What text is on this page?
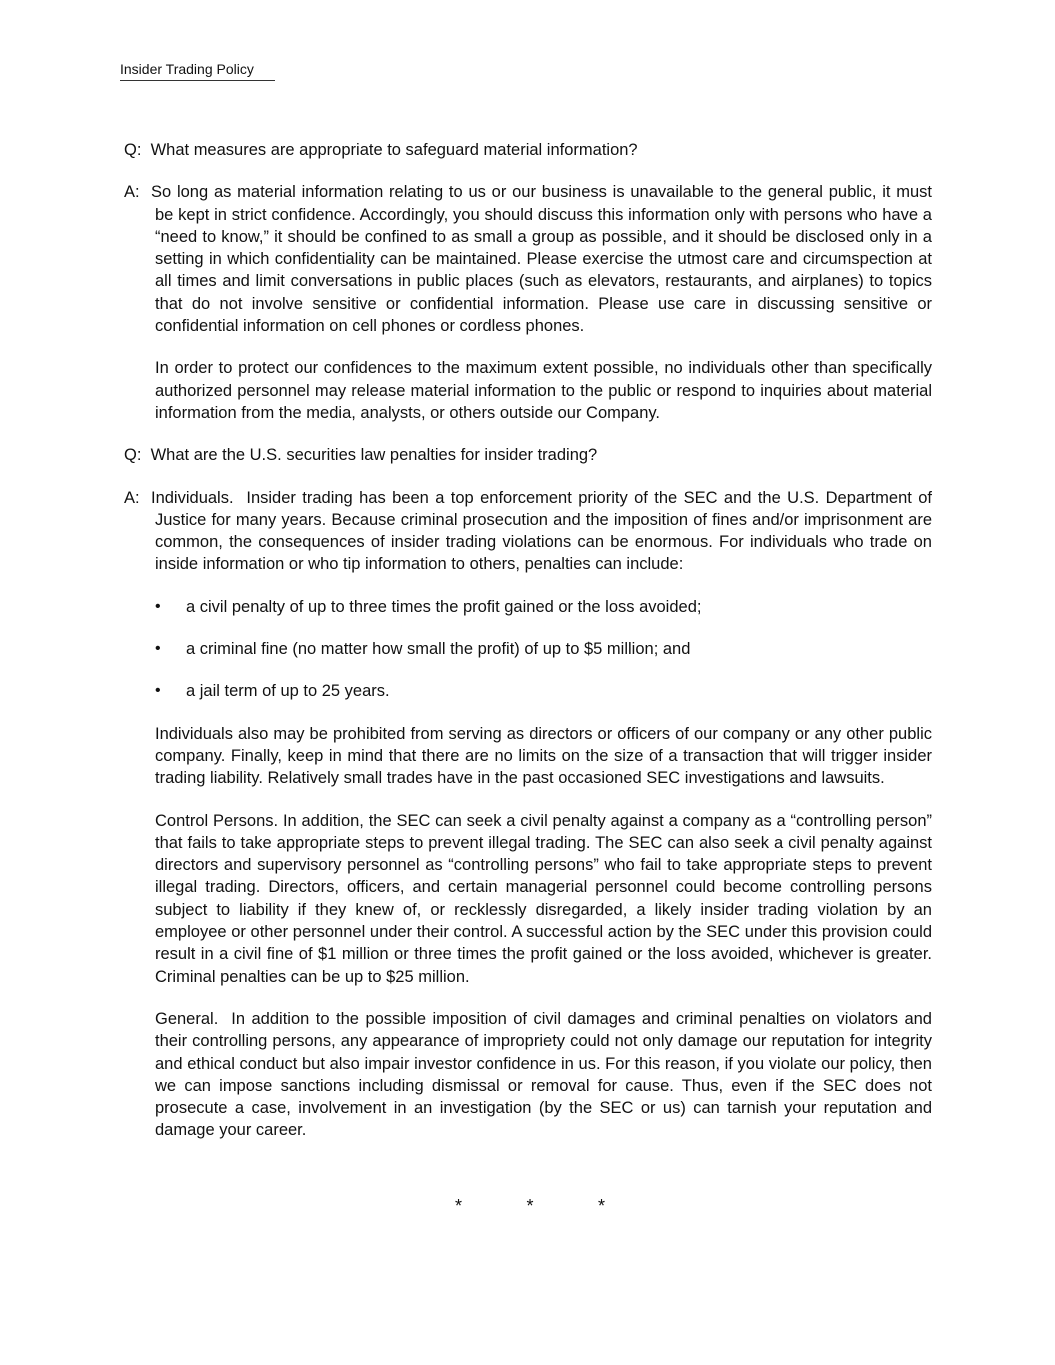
Insider Trading Policy

Q: What measures are appropriate to safeguard material information?

A: So long as material information relating to us or our business is unavailable to the general public, it must be kept in strict confidence. Accordingly, you should discuss this information only with persons who have a “need to know,” it should be confined to as small a group as possible, and it should be disclosed only in a setting in which confidentiality can be maintained. Please exercise the utmost care and circumspection at all times and limit conversations in public places (such as elevators, restaurants, and airplanes) to topics that do not involve sensitive or confidential information. Please use care in discussing sensitive or confidential information on cell phones or cordless phones.

In order to protect our confidences to the maximum extent possible, no individuals other than specifically authorized personnel may release material information to the public or respond to inquiries about material information from the media, analysts, or others outside our Company.

Q: What are the U.S. securities law penalties for insider trading?

A: Individuals. Insider trading has been a top enforcement priority of the SEC and the U.S. Department of Justice for many years. Because criminal prosecution and the imposition of fines and/or imprisonment are common, the consequences of insider trading violations can be enormous. For individuals who trade on inside information or who tip information to others, penalties can include:

• a civil penalty of up to three times the profit gained or the loss avoided;
• a criminal fine (no matter how small the profit) of up to $5 million; and
• a jail term of up to 25 years.

Individuals also may be prohibited from serving as directors or officers of our company or any other public company. Finally, keep in mind that there are no limits on the size of a transaction that will trigger insider trading liability. Relatively small trades have in the past occasioned SEC investigations and lawsuits.

Control Persons. In addition, the SEC can seek a civil penalty against a company as a “controlling person” that fails to take appropriate steps to prevent illegal trading. The SEC can also seek a civil penalty against directors and supervisory personnel as “controlling persons” who fail to take appropriate steps to prevent illegal trading. Directors, officers, and certain managerial personnel could become controlling persons subject to liability if they knew of, or recklessly disregarded, a likely insider trading violation by an employee or other personnel under their control. A successful action by the SEC under this provision could result in a civil fine of $1 million or three times the profit gained or the loss avoided, whichever is greater. Criminal penalties can be up to $25 million.

General. In addition to the possible imposition of civil damages and criminal penalties on violators and their controlling persons, any appearance of impropriety could not only damage our reputation for integrity and ethical conduct but also impair investor confidence in us. For this reason, if you violate our policy, then we can impose sanctions including dismissal or removal for cause. Thus, even if the SEC does not prosecute a case, involvement in an investigation (by the SEC or us) can tarnish your reputation and damage your career.

*	*	*
